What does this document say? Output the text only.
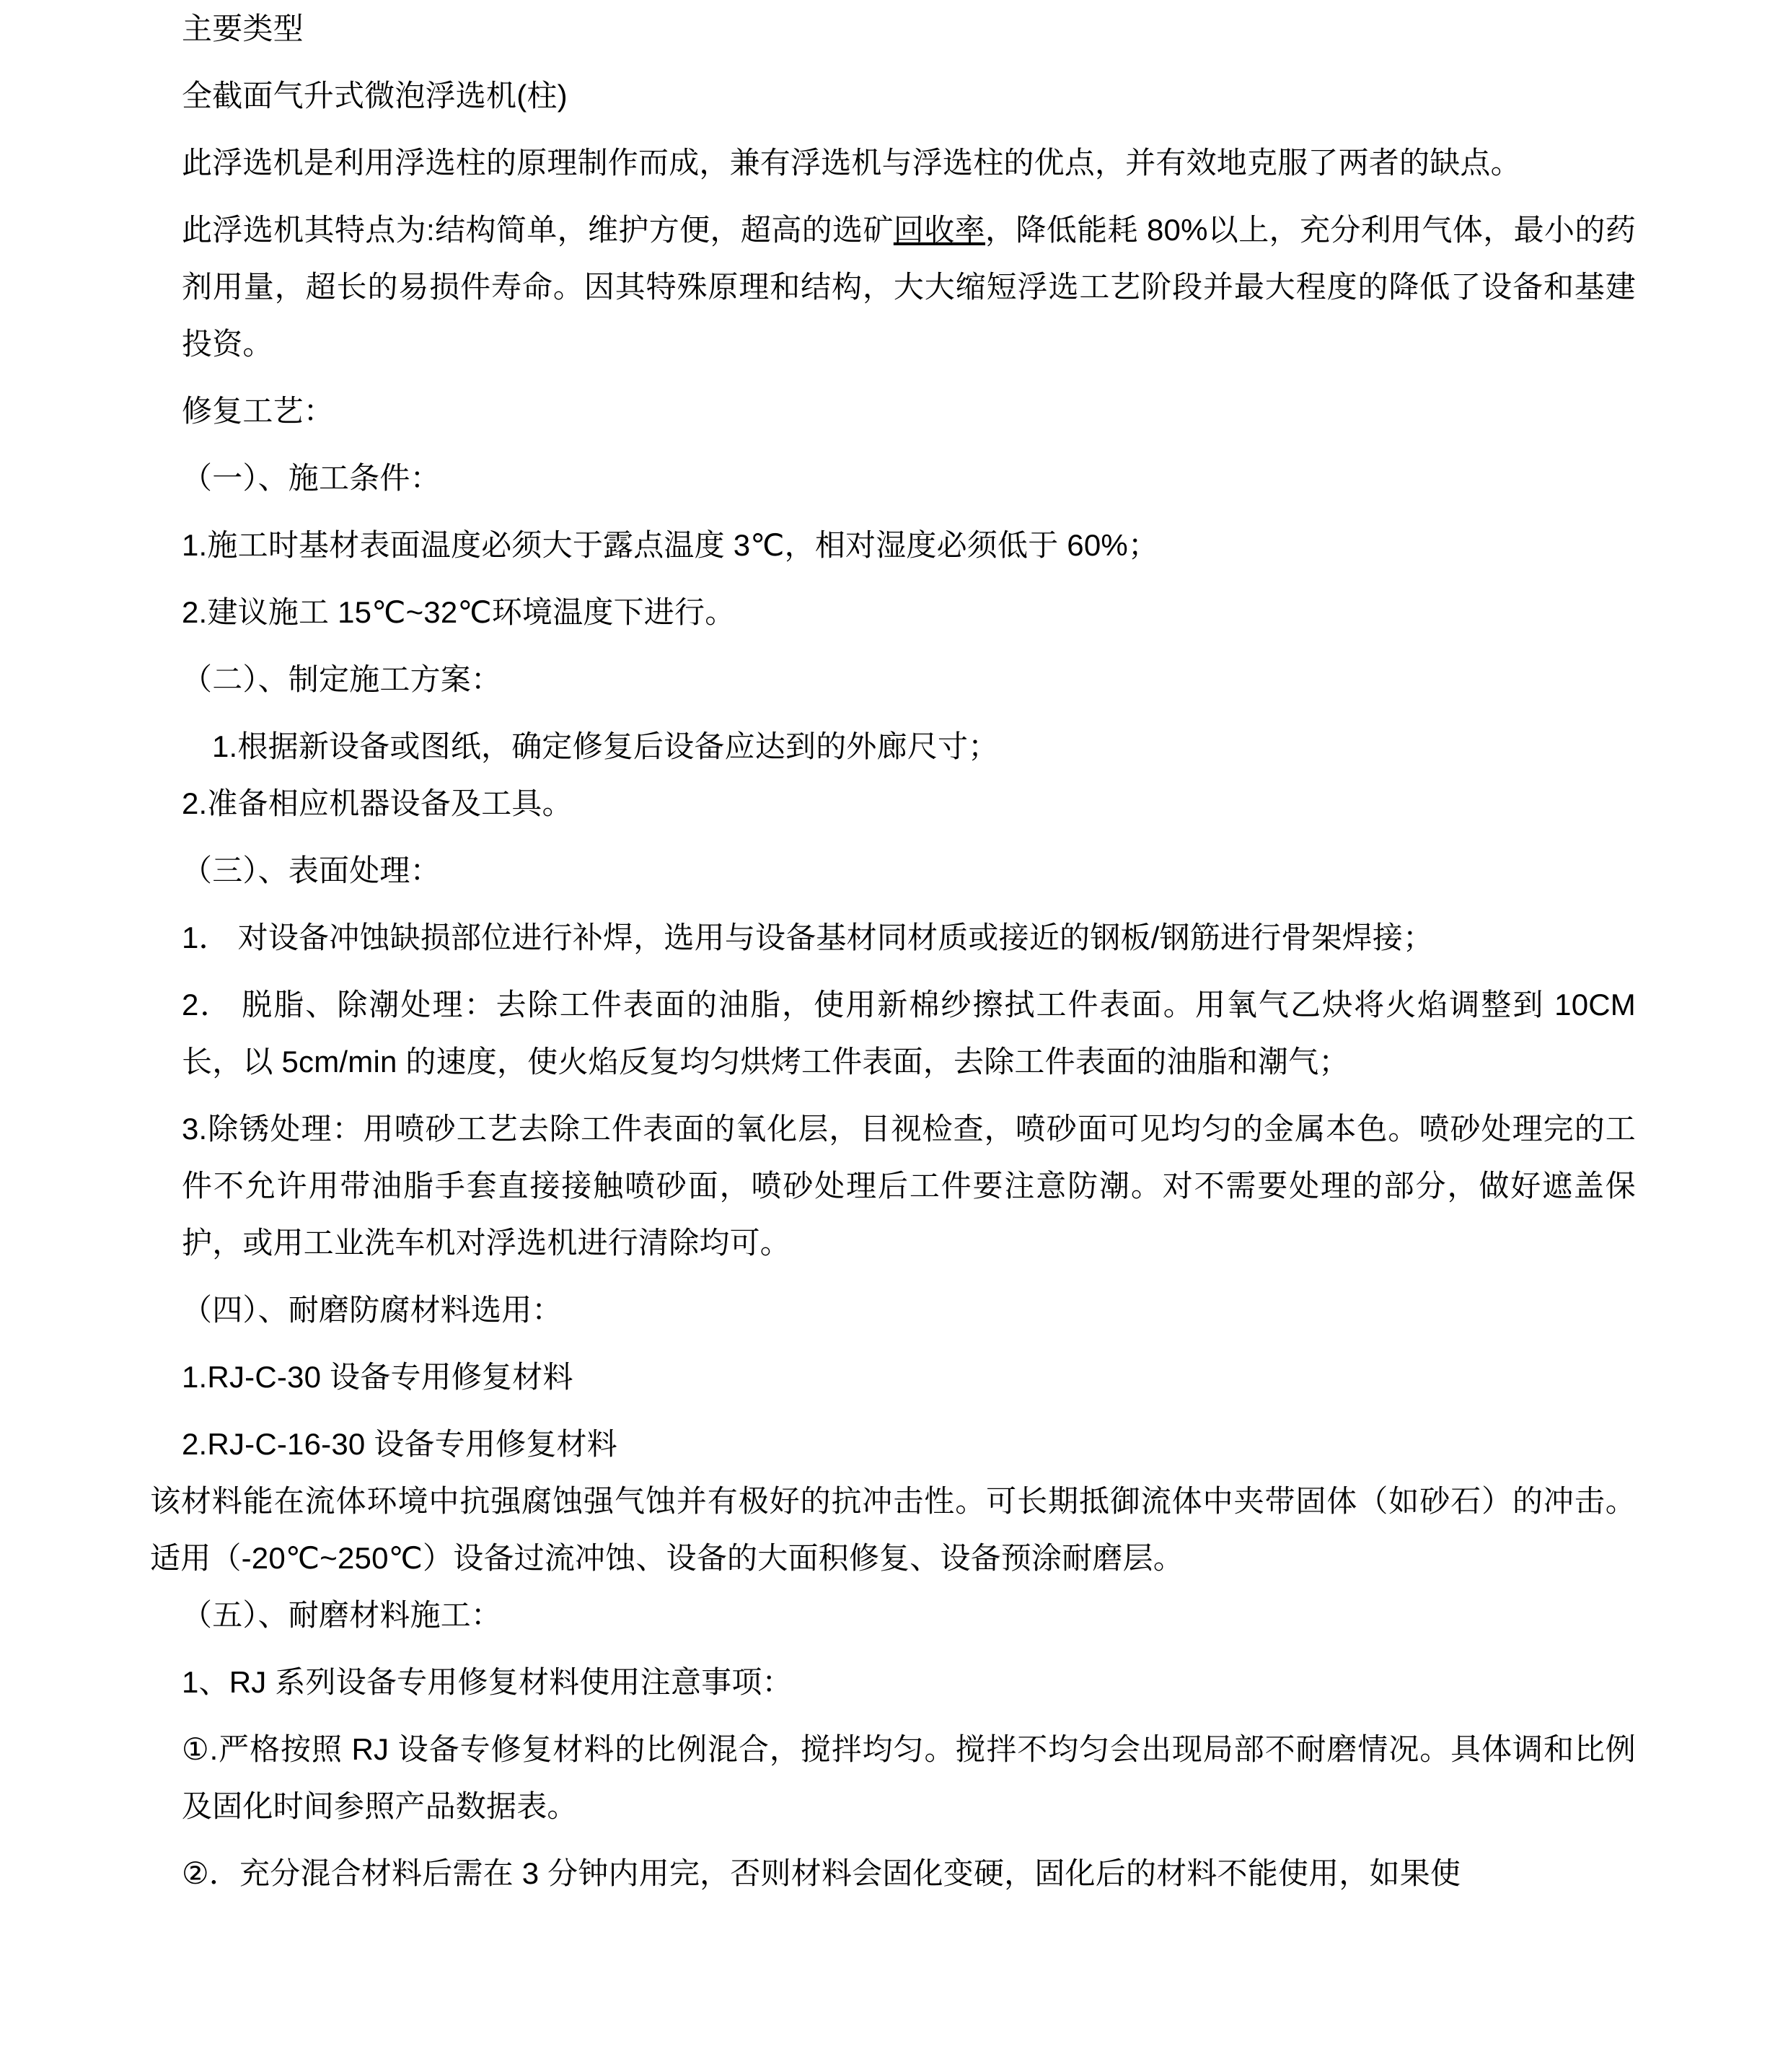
主要类型

全截面气升式微泡浮选机(柱)

此浮选机是利用浮选柱的原理制作而成，兼有浮选机与浮选柱的优点，并有效地克服了两者的缺点。

此浮选机其特点为:结构简单，维护方便，超高的选矿回收率，降低能耗 80%以上，充分利用气体，最小的药剂用量，超长的易损件寿命。因其特殊原理和结构，大大缩短浮选工艺阶段并最大程度的降低了设备和基建投资。

修复工艺：

（一）、施工条件：

1.施工时基材表面温度必须大于露点温度 3℃，相对湿度必须低于 60%；

2.建议施工 15℃~32℃环境温度下进行。

（二）、制定施工方案：

1.根据新设备或图纸，确定修复后设备应达到的外廊尺寸；

2.准备相应机器设备及工具。

（三）、表面处理：

1． 对设备冲蚀缺损部位进行补焊，选用与设备基材同材质或接近的钢板/钢筋进行骨架焊接；

2． 脱脂、除潮处理：去除工件表面的油脂，使用新棉纱擦拭工件表面。用氧气乙炔将火焰调整到 10CM 长，以 5cm/min 的速度，使火焰反复均匀烘烤工件表面，去除工件表面的油脂和潮气；

3.除锈处理：用喷砂工艺去除工件表面的氧化层，目视检查，喷砂面可见均匀的金属本色。喷砂处理完的工件不允许用带油脂手套直接接触喷砂面，喷砂处理后工件要注意防潮。对不需要处理的部分，做好遮盖保护，或用工业洗车机对浮选机进行清除均可。

（四）、耐磨防腐材料选用：

1.RJ-C-30 设备专用修复材料

2.RJ-C-16-30 设备专用修复材料

该材料能在流体环境中抗强腐蚀强气蚀并有极好的抗冲击性。可长期抵御流体中夹带固体（如砂石）的冲击。适用（-20℃~250℃）设备过流冲蚀、设备的大面积修复、设备预涂耐磨层。

（五）、耐磨材料施工：

1、RJ 系列设备专用修复材料使用注意事项：

①.严格按照 RJ 设备专修复材料的比例混合，搅拌均匀。搅拌不均匀会出现局部不耐磨情况。具体调和比例及固化时间参照产品数据表。

②．充分混合材料后需在 3 分钟内用完，否则材料会固化变硬，固化后的材料不能使用，如果使
